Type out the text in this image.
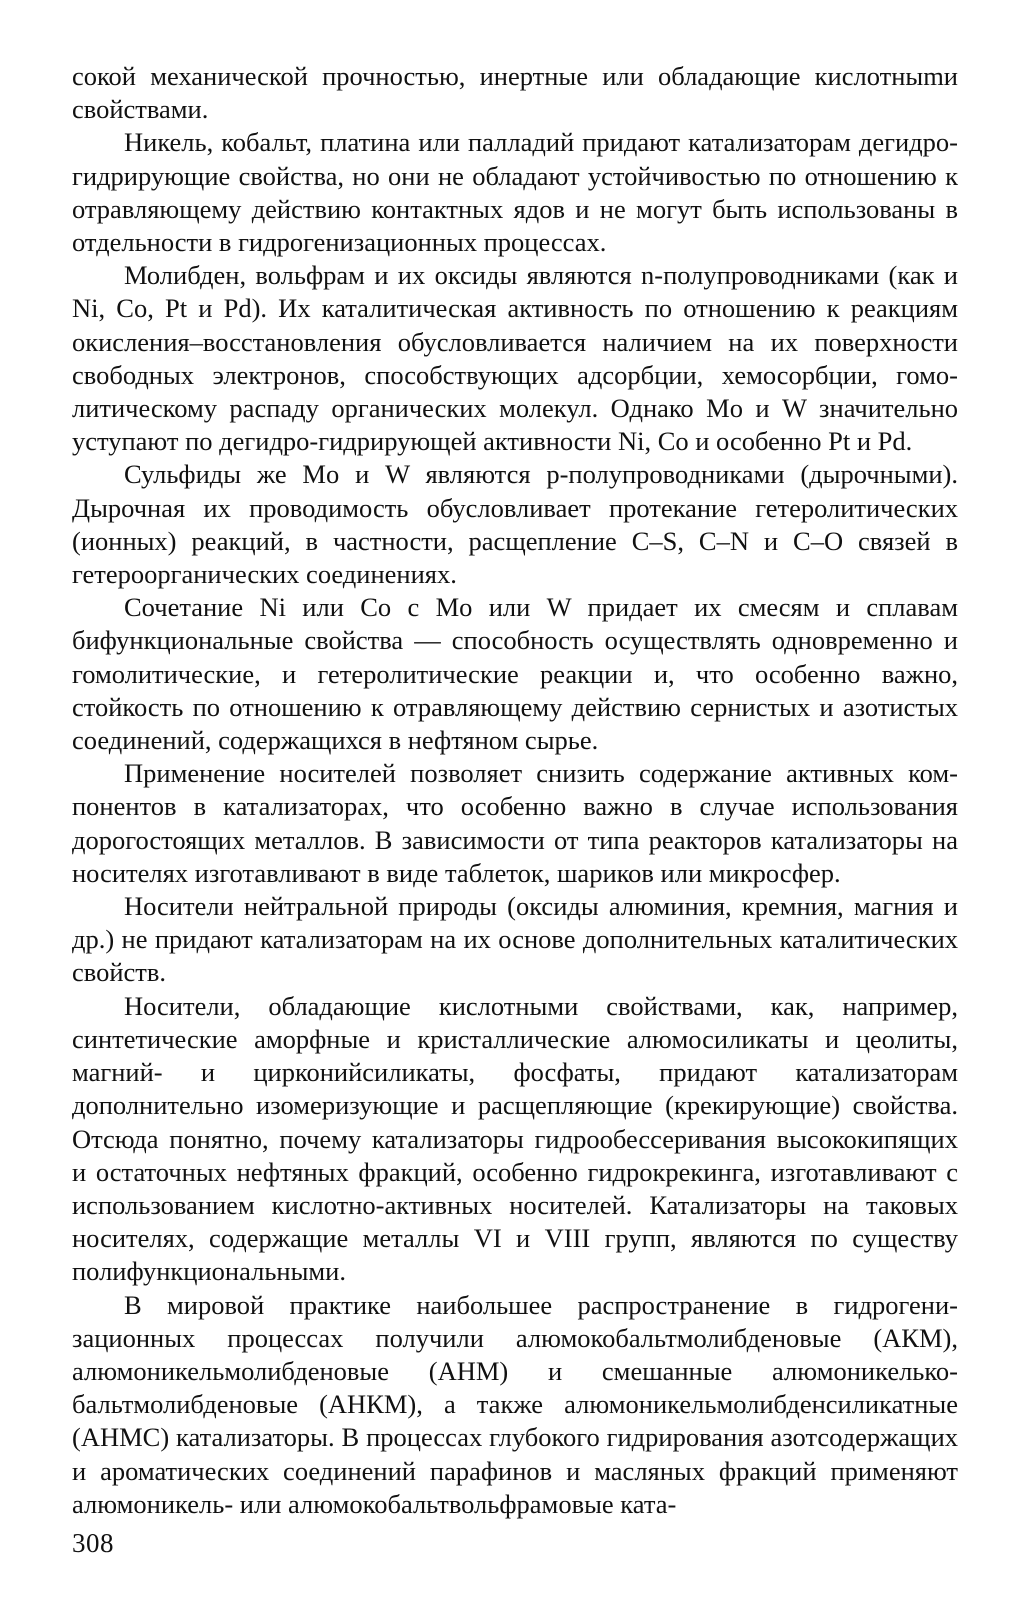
сокой механической прочностью, инертные или обладающие кислотныmи свойствами.

Никель, кобальт, платина или палладий придают катализаторам дегидро-гидрирующие свойства, но они не обладают устойчивостью по отношению к отравляющему действию контактных ядов и не могут быть использованы в отдельности в гидрогенизационных процессах.

Молибден, вольфрам и их оксиды являются n-полупроводниками (как и Ni, Co, Pt и Pd). Их каталитическая активность по отношению к реакциям окисления–восстановления обусловливается наличием на их поверхности свободных электронов, способствующих адсорбции, хемосорбции, гомолитическому распаду органических молекул. Однако Mo и W значительно уступают по дегидро-гидрирующей активности Ni, Co и особенно Pt и Pd.

Сульфиды же Mo и W являются p-полупроводниками (дырочными). Дырочная их проводимость обусловливает протекание гетеролитических (ионных) реакций, в частности, расщепление C–S, C–N и C–O связей в гетероорганических соединениях.

Сочетание Ni или Co с Mo или W придает их смесям и сплавам бифункциональные свойства — способность осуществлять одновременно и гомолитические, и гетеролитические реакции и, что особенно важно, стойкость по отношению к отравляющему действию сернистых и азотистых соединений, содержащихся в нефтяном сырье.

Применение носителей позволяет снизить содержание активных компонентов в катализаторах, что особенно важно в случае использования дорогостоящих металлов. В зависимости от типа реакторов катализаторы на носителях изготавливают в виде таблеток, шариков или микросфер.

Носители нейтральной природы (оксиды алюминия, кремния, магния и др.) не придают катализаторам на их основе дополнительных каталитических свойств.

Носители, обладающие кислотными свойствами, как, например, синтетические аморфные и кристаллические алюмосиликаты и цеолиты, магний- и цирконийсиликаты, фосфаты, придают катализаторам дополнительно изомеризующие и расщепляющие (крекирующие) свойства. Отсюда понятно, почему катализаторы гидрообессеривания высококипящих и остаточных нефтяных фракций, особенно гидрокрекинга, изготавливают с использованием кислотно-активных носителей. Катализаторы на таковых носителях, содержащие металлы VI и VIII групп, являются по существу полифункциональными.

В мировой практике наибольшее распространение в гидрогенизационных процессах получили алюмокобальтмолибденовые (АКМ), алюмоникельмолибденовые (АНМ) и смешанные алюмоникелькобальтмолибденовые (АНКМ), а также алюмоникельмолибденсиликатные (АНМС) катализаторы. В процессах глубокого гидрирования азотсодержащих и ароматических соединений парафинов и масляных фракций применяют алюмоникель- или алюмокобальтвольфрамовые ката-

308
